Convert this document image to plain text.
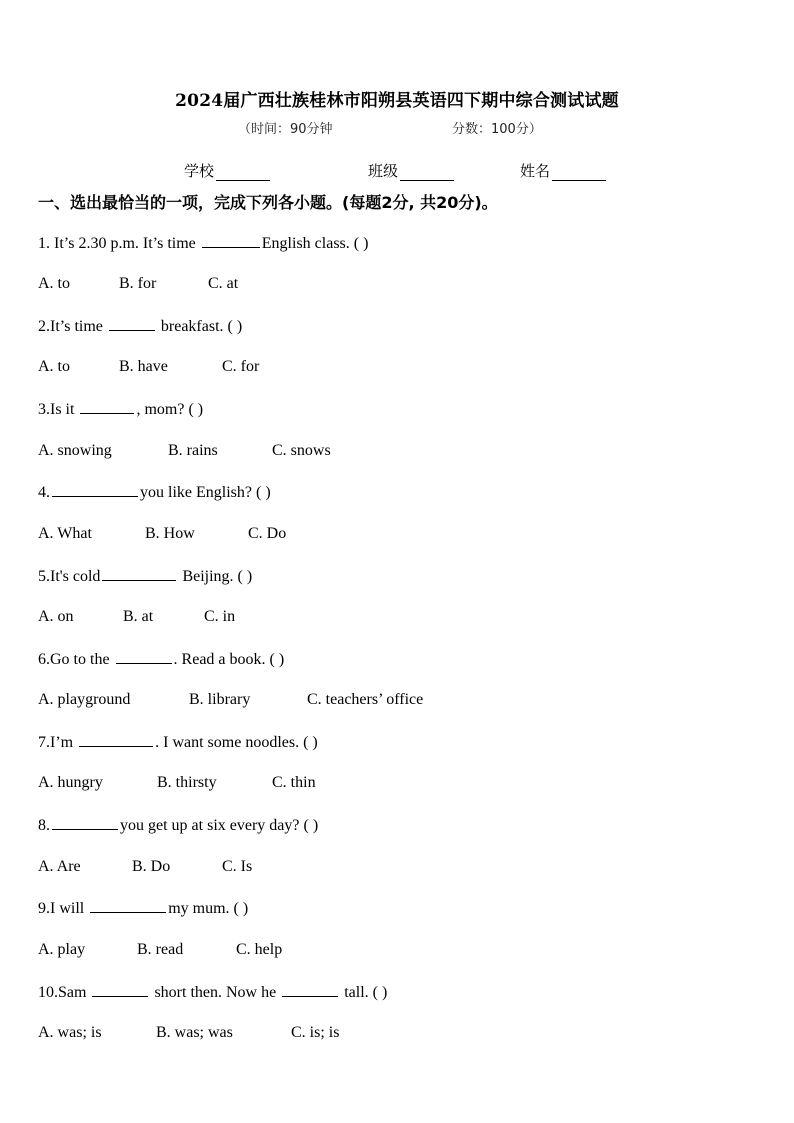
2024届广西壮族桂林市阳朔县英语四下期中综合测试试题
（时间：90分钟	分数：100分）
学校	班级	姓名
一、选出最恰当的一项，完成下列各小题。(每题2分, 共20分)。
1. It’s 2.30 p.m. It’s time	English class. ( )
A. to	B. for	C. at
2.It’s time	breakfast. ( )
A. to	B. have	C. for
3.Is it	, mom? ( )
A. snowing	B. rains	C. snows
4.	you like English? ( )
A. What	B. How	C. Do
5.It's cold	Beijing. ( )
A. on	B. at	C. in
6.Go to the	. Read a book. ( )
A. playground	B. library	C. teachers’ office
7.I’m	. I want some noodles. ( )
A. hungry	B. thirsty	C. thin
8.	you get up at six every day? ( )
A. Are	B. Do	C. Is
9.I will	my mum. ( )
A. play	B. read	C. help
10.Sam	short then. Now he	tall. ( )
A. was; is	B. was; was	C. is; is
